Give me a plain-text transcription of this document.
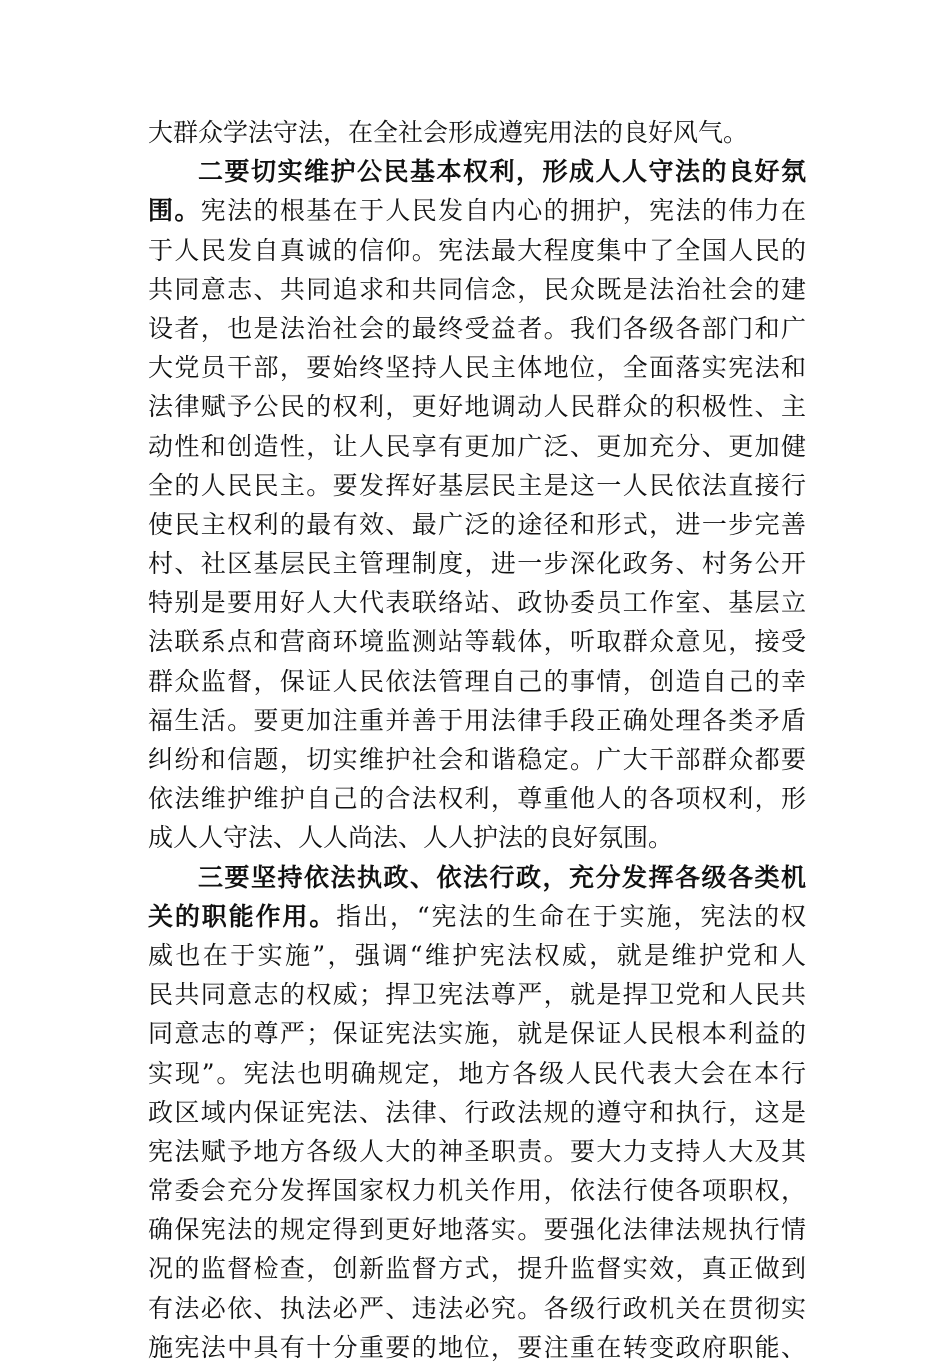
大群众学法守法，在全社会形成遵宪用法的良好风气。
二要切实维护公民基本权利，形成人人守法的良好氛
围。宪法的根基在于人民发自内心的拥护，宪法的伟力在
于人民发自真诚的信仰。宪法最大程度集中了全国人民的
共同意志、共同追求和共同信念，民众既是法治社会的建
设者，也是法治社会的最终受益者。我们各级各部门和广
大党员干部，要始终坚持人民主体地位，全面落实宪法和
法律赋予公民的权利，更好地调动人民群众的积极性、主
动性和创造性，让人民享有更加广泛、更加充分、更加健
全的人民民主。要发挥好基层民主是这一人民依法直接行
使民主权利的最有效、最广泛的途径和形式，进一步完善
村、社区基层民主管理制度，进一步深化政务、村务公开
特别是要用好人大代表联络站、政协委员工作室、基层立
法联系点和营商环境监测站等载体，听取群众意见，接受
群众监督，保证人民依法管理自己的事情，创造自己的幸
福生活。要更加注重并善于用法律手段正确处理各类矛盾
纠纷和信题，切实维护社会和谐稳定。广大干部群众都要
依法维护维护自己的合法权利，尊重他人的各项权利，形
成人人守法、人人尚法、人人护法的良好氛围。
三要坚持依法执政、依法行政，充分发挥各级各类机
关的职能作用。指出，“宪法的生命在于实施，宪法的权
威也在于实施”，强调“维护宪法权威，就是维护党和人
民共同意志的权威；捍卫宪法尊严，就是捍卫党和人民共
同意志的尊严；保证宪法实施，就是保证人民根本利益的
实现”。宪法也明确规定，地方各级人民代表大会在本行
政区域内保证宪法、法律、行政法规的遵守和执行，这是
宪法赋予地方各级人大的神圣职责。要大力支持人大及其
常委会充分发挥国家权力机关作用，依法行使各项职权，
确保宪法的规定得到更好地落实。要强化法律法规执行情
况的监督检查，创新监督方式，提升监督实效，真正做到
有法必依、执法必严、违法必究。各级行政机关在贯彻实
施宪法中具有十分重要的地位，要注重在转变政府职能、
